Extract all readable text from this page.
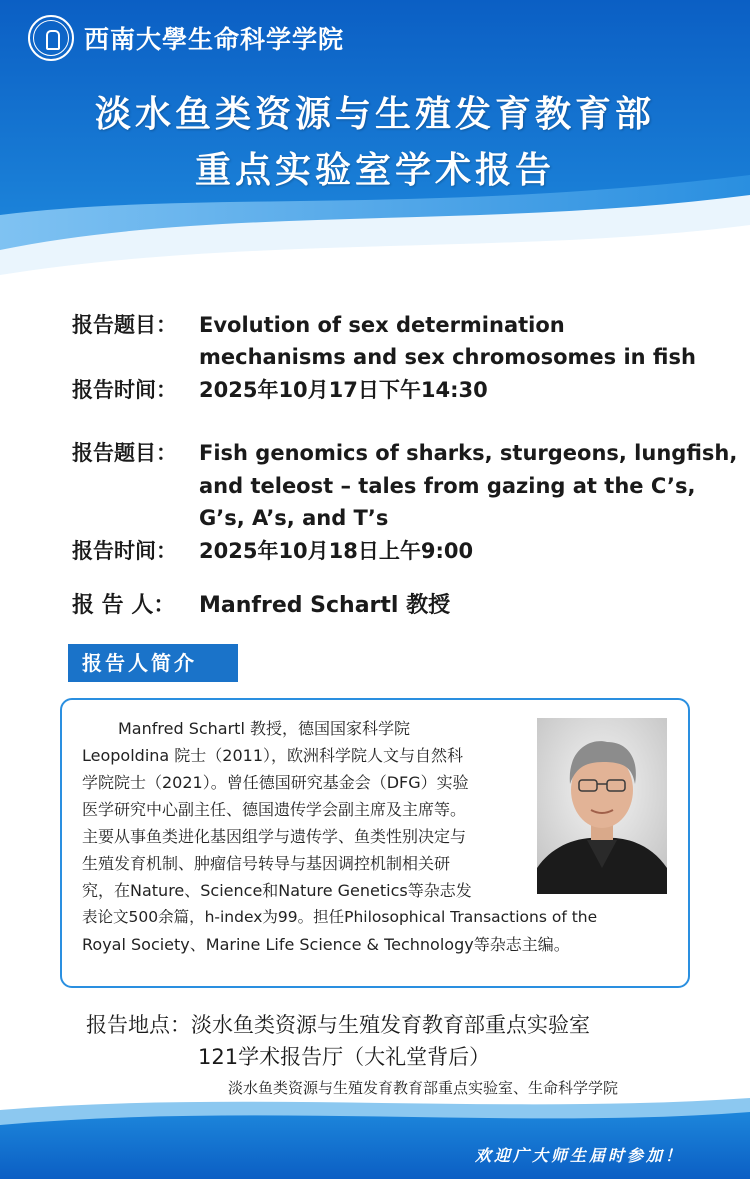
西南大學生命科学学院
淡水鱼类资源与生殖发育教育部
重点实验室学术报告
报告题目： Evolution of sex determination
mechanisms and sex chromosomes in fish
报告时间： 2025年10月17日下午14:30
报告题目： Fish genomics of sharks, sturgeons, lungfish,
and teleost – tales from gazing at the C’s,
G’s, A’s, and T’s
报告时间： 2025年10月18日上午9:00
报 告 人： Manfred Schartl 教授
报告人简介
Manfred Schartl 教授，德国国家科学院
Leopoldina 院士（2011），欧洲科学院人文与自然科
学院院士（2021）。曾任德国研究基金会（DFG）实验
医学研究中心副主任、德国遗传学会副主席及主席等。
主要从事鱼类进化基因组学与遗传学、鱼类性别决定与
生殖发育机制、肿瘤信号转导与基因调控机制相关研
究，在Nature、Science和Nature Genetics等杂志发
表论文500余篇，h-index为99。担任Philosophical Transactions of the
Royal Society、Marine Life Science & Technology等杂志主编。
报告地点：淡水鱼类资源与生殖发育教育部重点实验室
121学术报告厅（大礼堂背后）
淡水鱼类资源与生殖发育教育部重点实验室、生命科学学院
欢迎广大师生届时参加！
